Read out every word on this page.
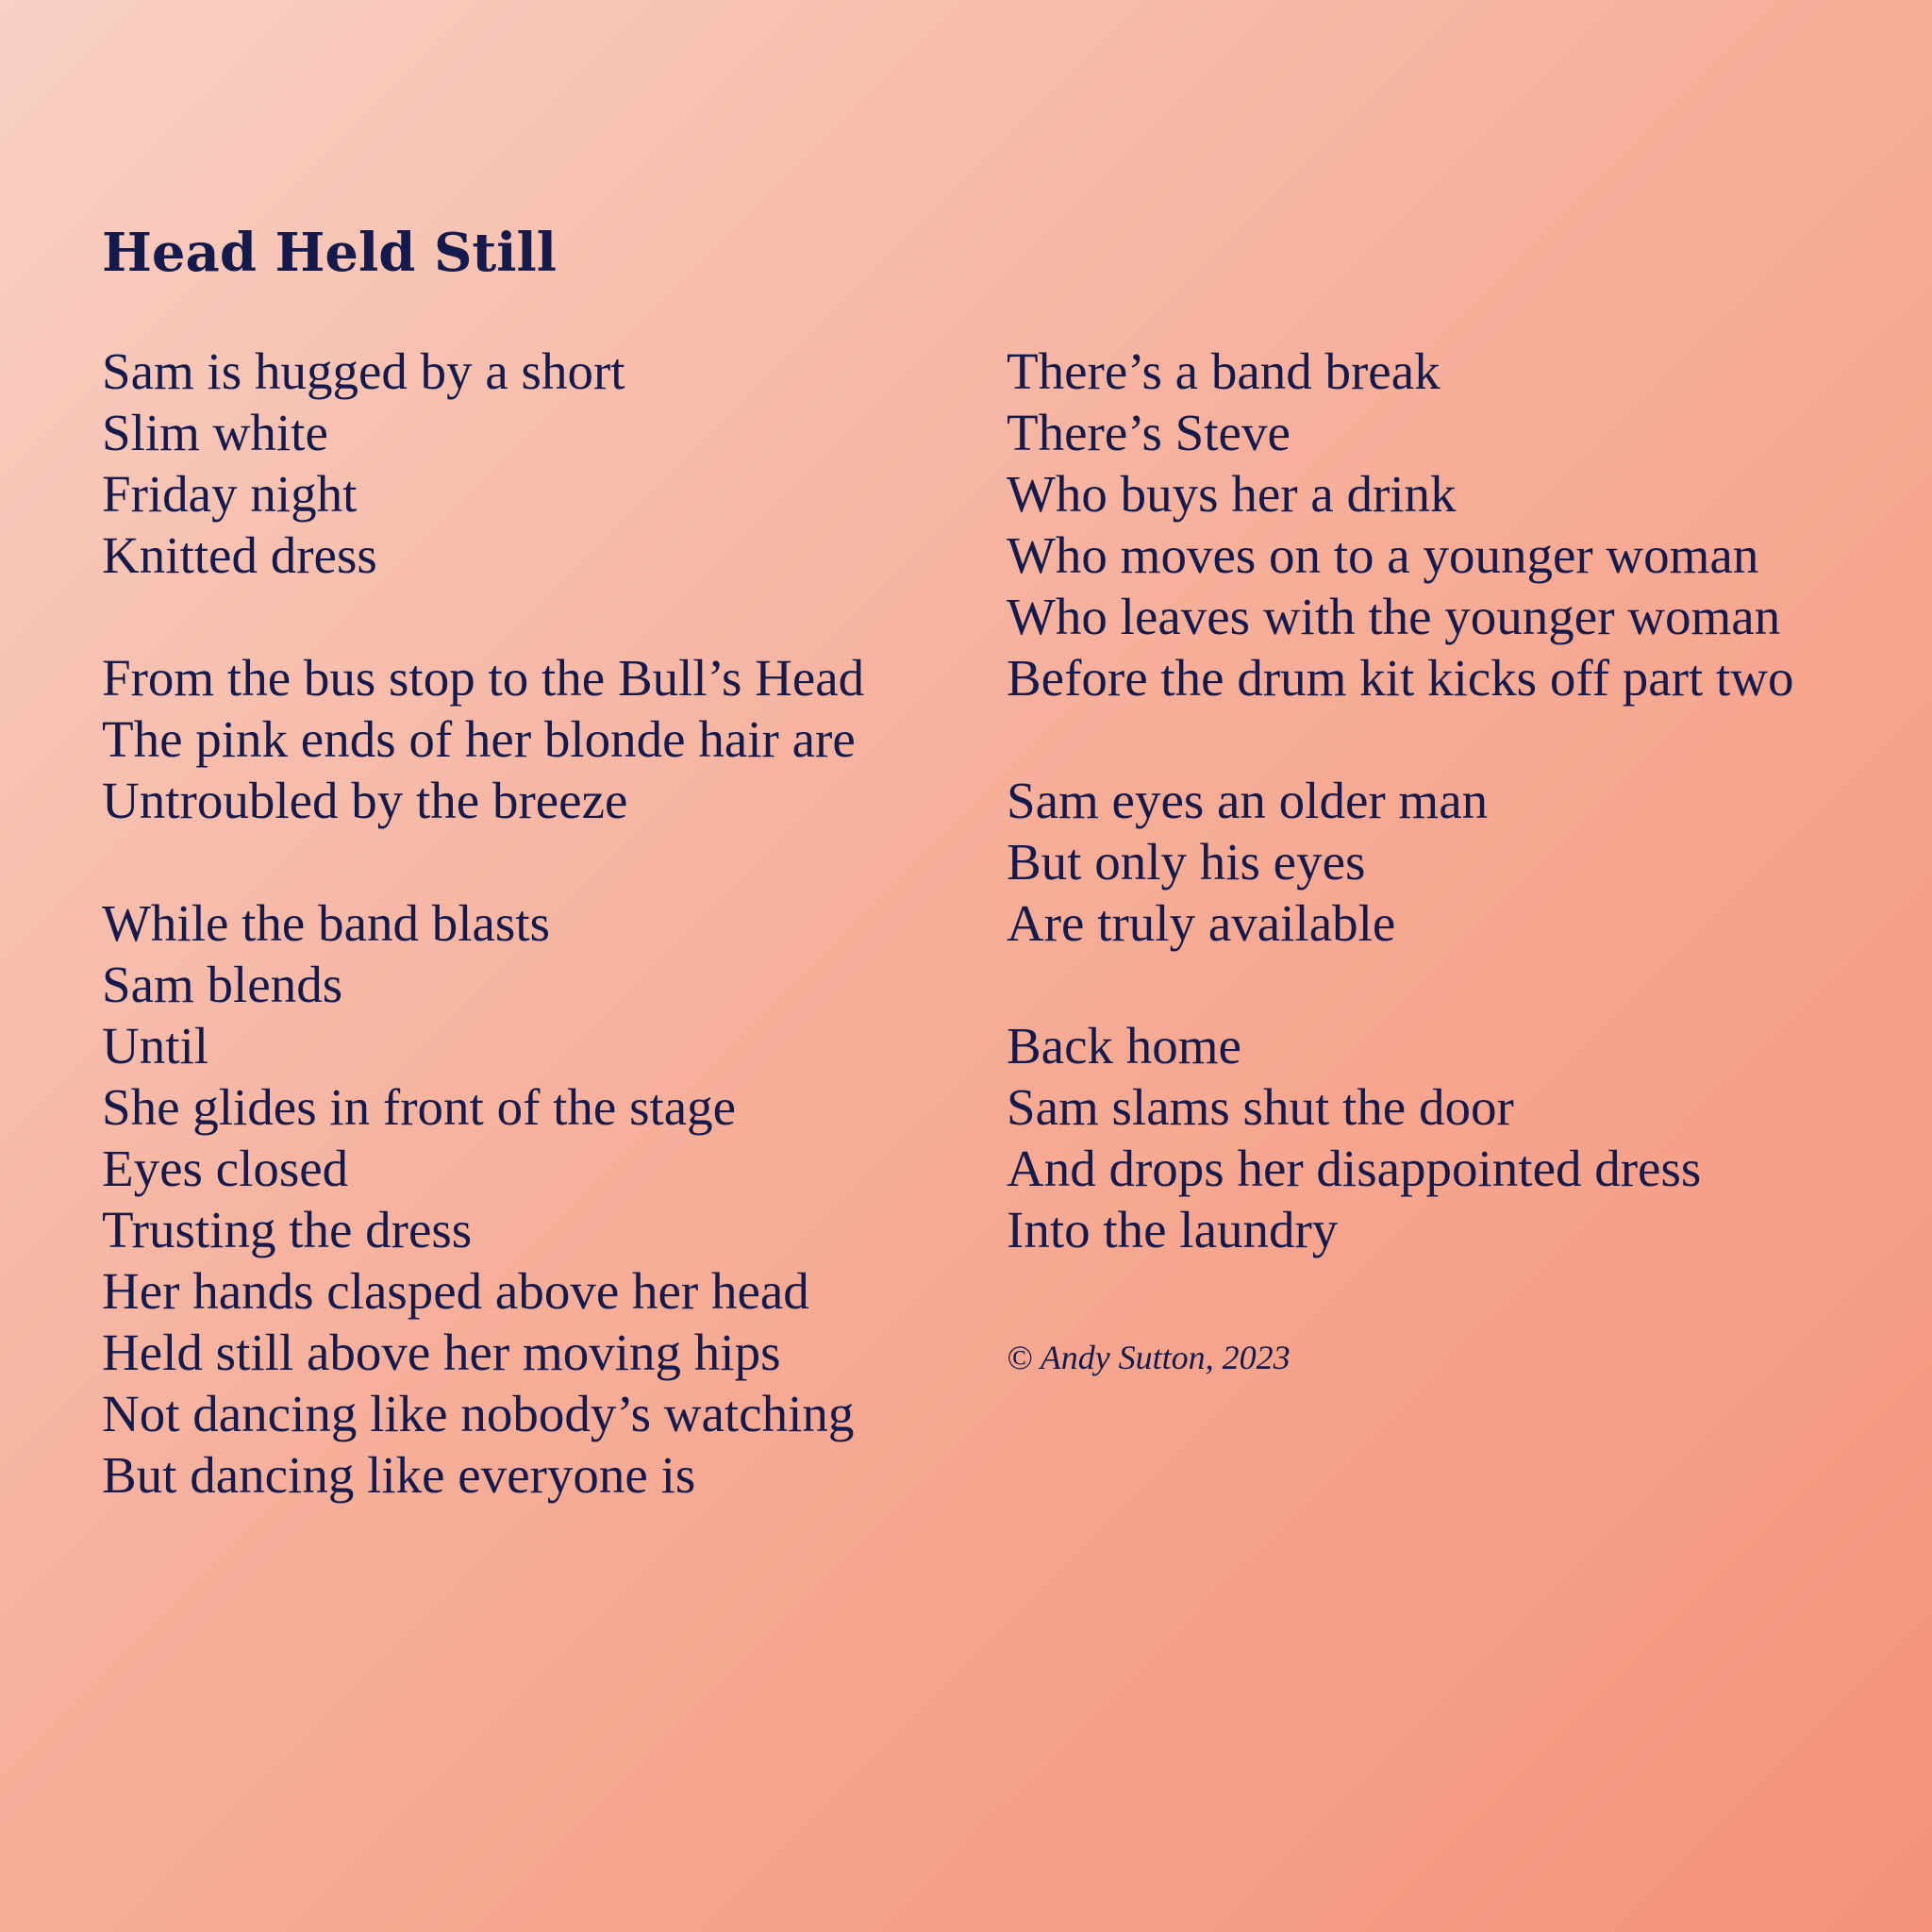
Head Held Still
Sam is hugged by a short
Slim white
Friday night
Knitted dress
From the bus stop to the Bull’s Head
The pink ends of her blonde hair are
Untroubled by the breeze
While the band blasts
Sam blends
Until
She glides in front of the stage
Eyes closed
Trusting the dress
Her hands clasped above her head
Held still above her moving hips
Not dancing like nobody’s watching
But dancing like everyone is
There’s a band break
There’s Steve
Who buys her a drink
Who moves on to a younger woman
Who leaves with the younger woman
Before the drum kit kicks off part two
Sam eyes an older man
But only his eyes
Are truly available
Back home
Sam slams shut the door
And drops her disappointed dress
Into the laundry
© Andy Sutton, 2023
